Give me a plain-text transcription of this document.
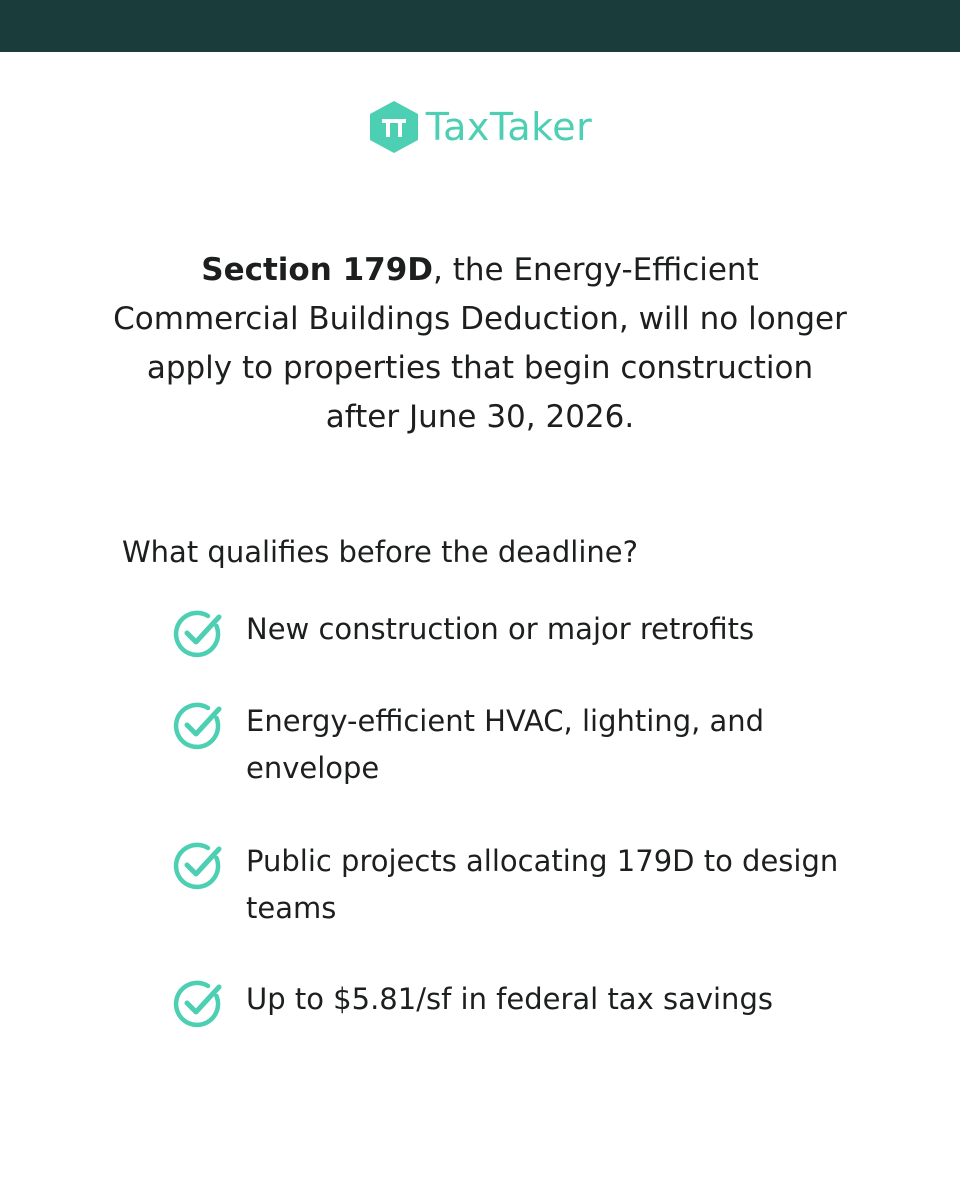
TaxTaker
Section 179D, the Energy-Efficient Commercial Buildings Deduction, will no longer apply to properties that begin construction after June 30, 2026.
What qualifies before the deadline?
New construction or major retrofits
Energy-efficient HVAC, lighting, and envelope
Public projects allocating 179D to design teams
Up to $5.81/sf in federal tax savings
